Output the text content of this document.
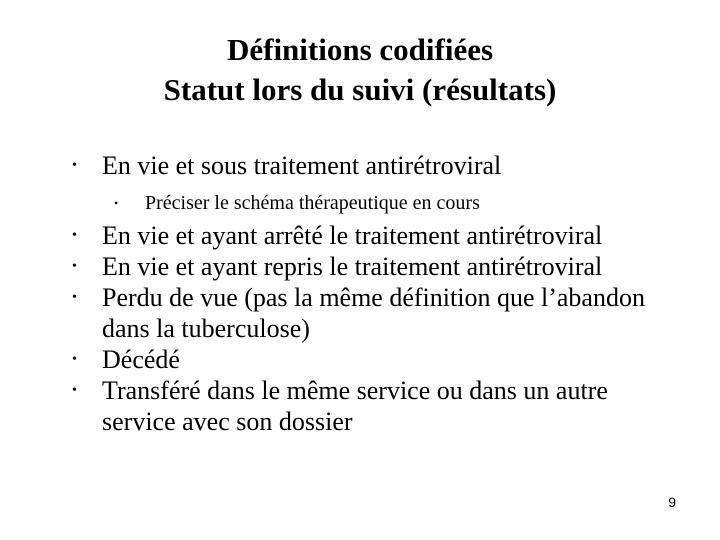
Définitions codifiées
Statut lors du suivi (résultats)
• En vie et sous traitement antirétroviral
• Préciser le schéma thérapeutique en cours
• En vie et ayant arrêté le traitement antirétroviral
• En vie et ayant repris le traitement antirétroviral
• Perdu de vue (pas la même définition que l’abandon dans la tuberculose)
• Décédé
• Transféré dans le même service ou dans un autre service avec son dossier
9
